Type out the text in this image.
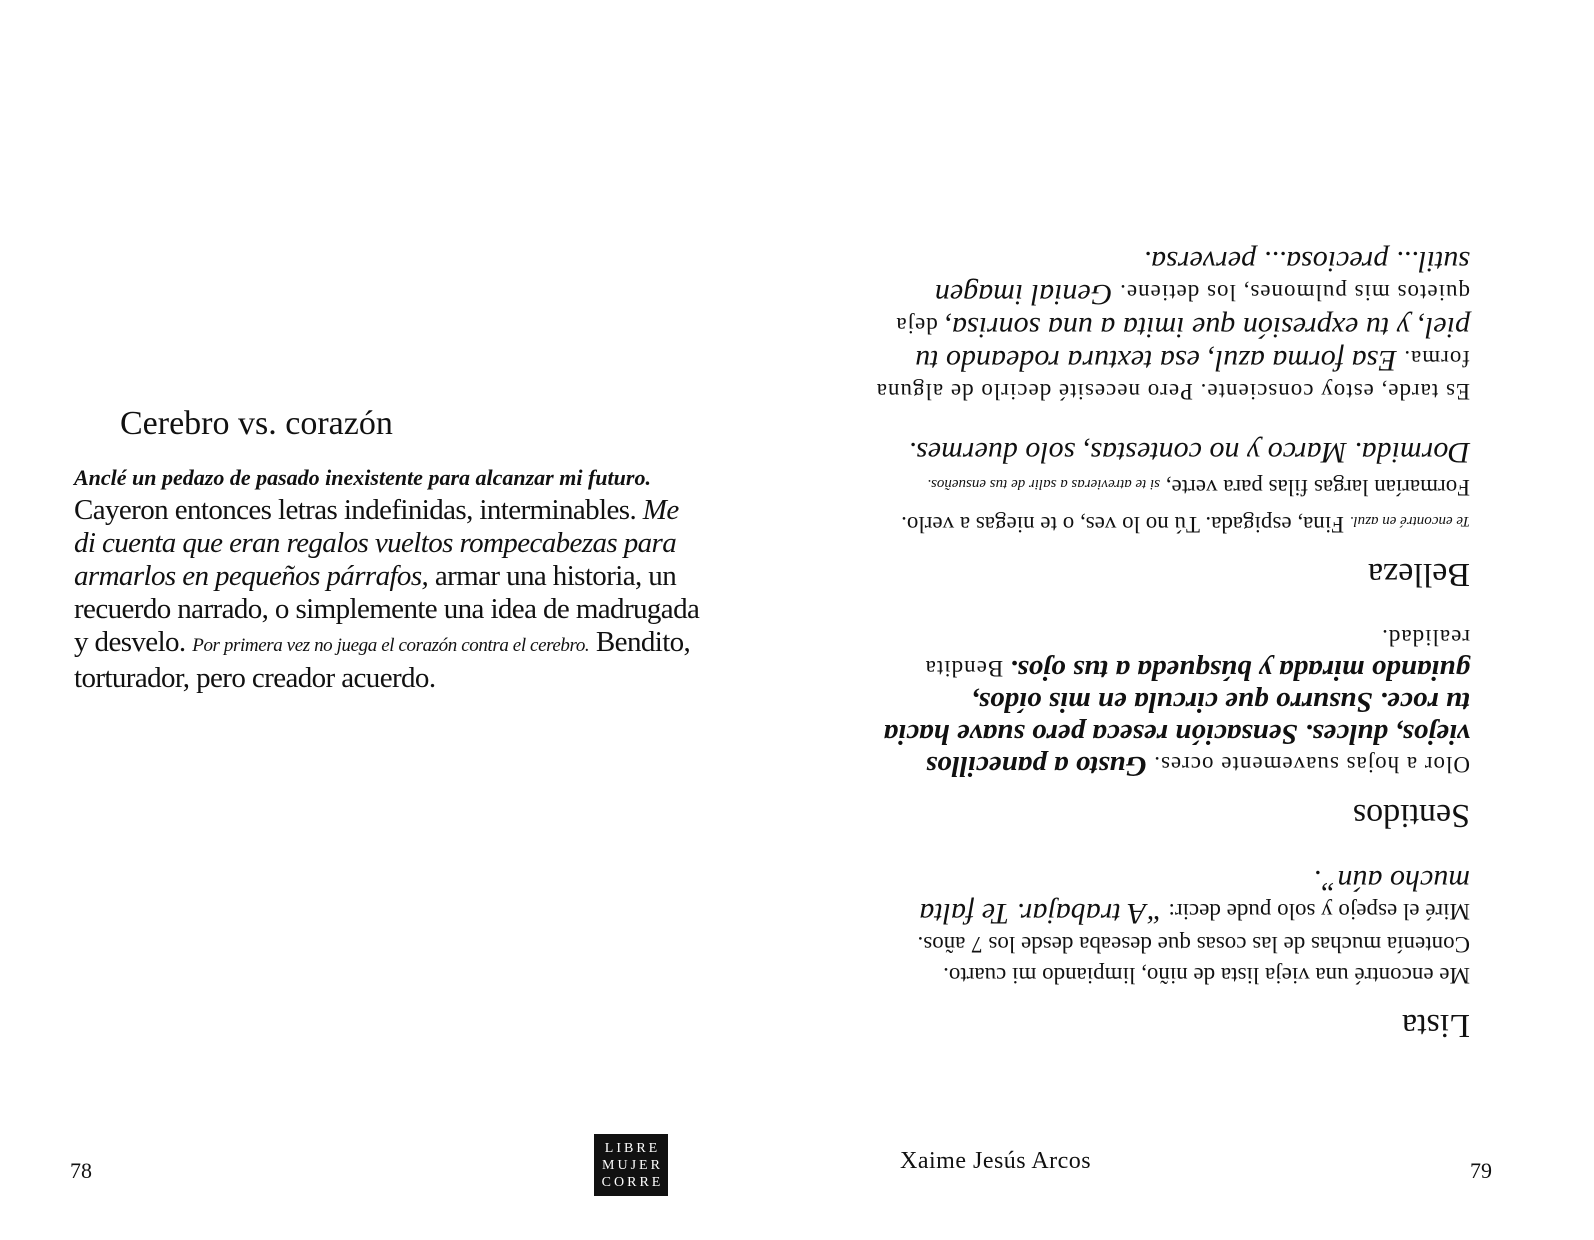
Cerebro vs. corazón
Anclé un pedazo de pasado inexistente para alcanzar mi futuro. Cayeron entonces letras indefinidas, interminables. Me di cuenta que eran regalos vueltos rompecabezas para armarlos en pequeños párrafos, armar una historia, un recuerdo narrado, o simplemente una idea de madrugada y desvelo. Por primera vez no juega el corazón contra el cerebro. Bendito, torturador, pero creador acuerdo.
78
LIBRE
MUJER
CORRE
Lista

Me encontré una vieja lista de niño, limpiando mi cuarto. Contenía muchas de las cosas que deseaba desde los 7 años. Miré el espejo y solo pude decir: “A trabajar. Te falta mucho aún”.

Sentidos

Olor a hojas suavemente ocres. Gusto a panecillos viejos, dulces. Sensación reseca pero suave hacia tu roce. Susurro que circula en mis oídos, guiando mirada y búsqueda a tus ojos. Bendita realidad.

Belleza

Te encontré en azul. Fina, espigada. Tú no lo ves, o te niegas a verlo. Formarían largas filas para verte, si te atrevieras a salir de tus ensueños. Dormida. Marco y no contestas, solo duermes.

Es tarde, estoy consciente. Pero necesité decirlo de alguna forma. Esa forma azul, esa textura rodeando tu piel, y tu expresión que imita a una sonrisa, deja quietos mis pulmones, los detiene. Genial imagen sutil... preciosa... perversa.

Xaime Jesús Arcos	79
